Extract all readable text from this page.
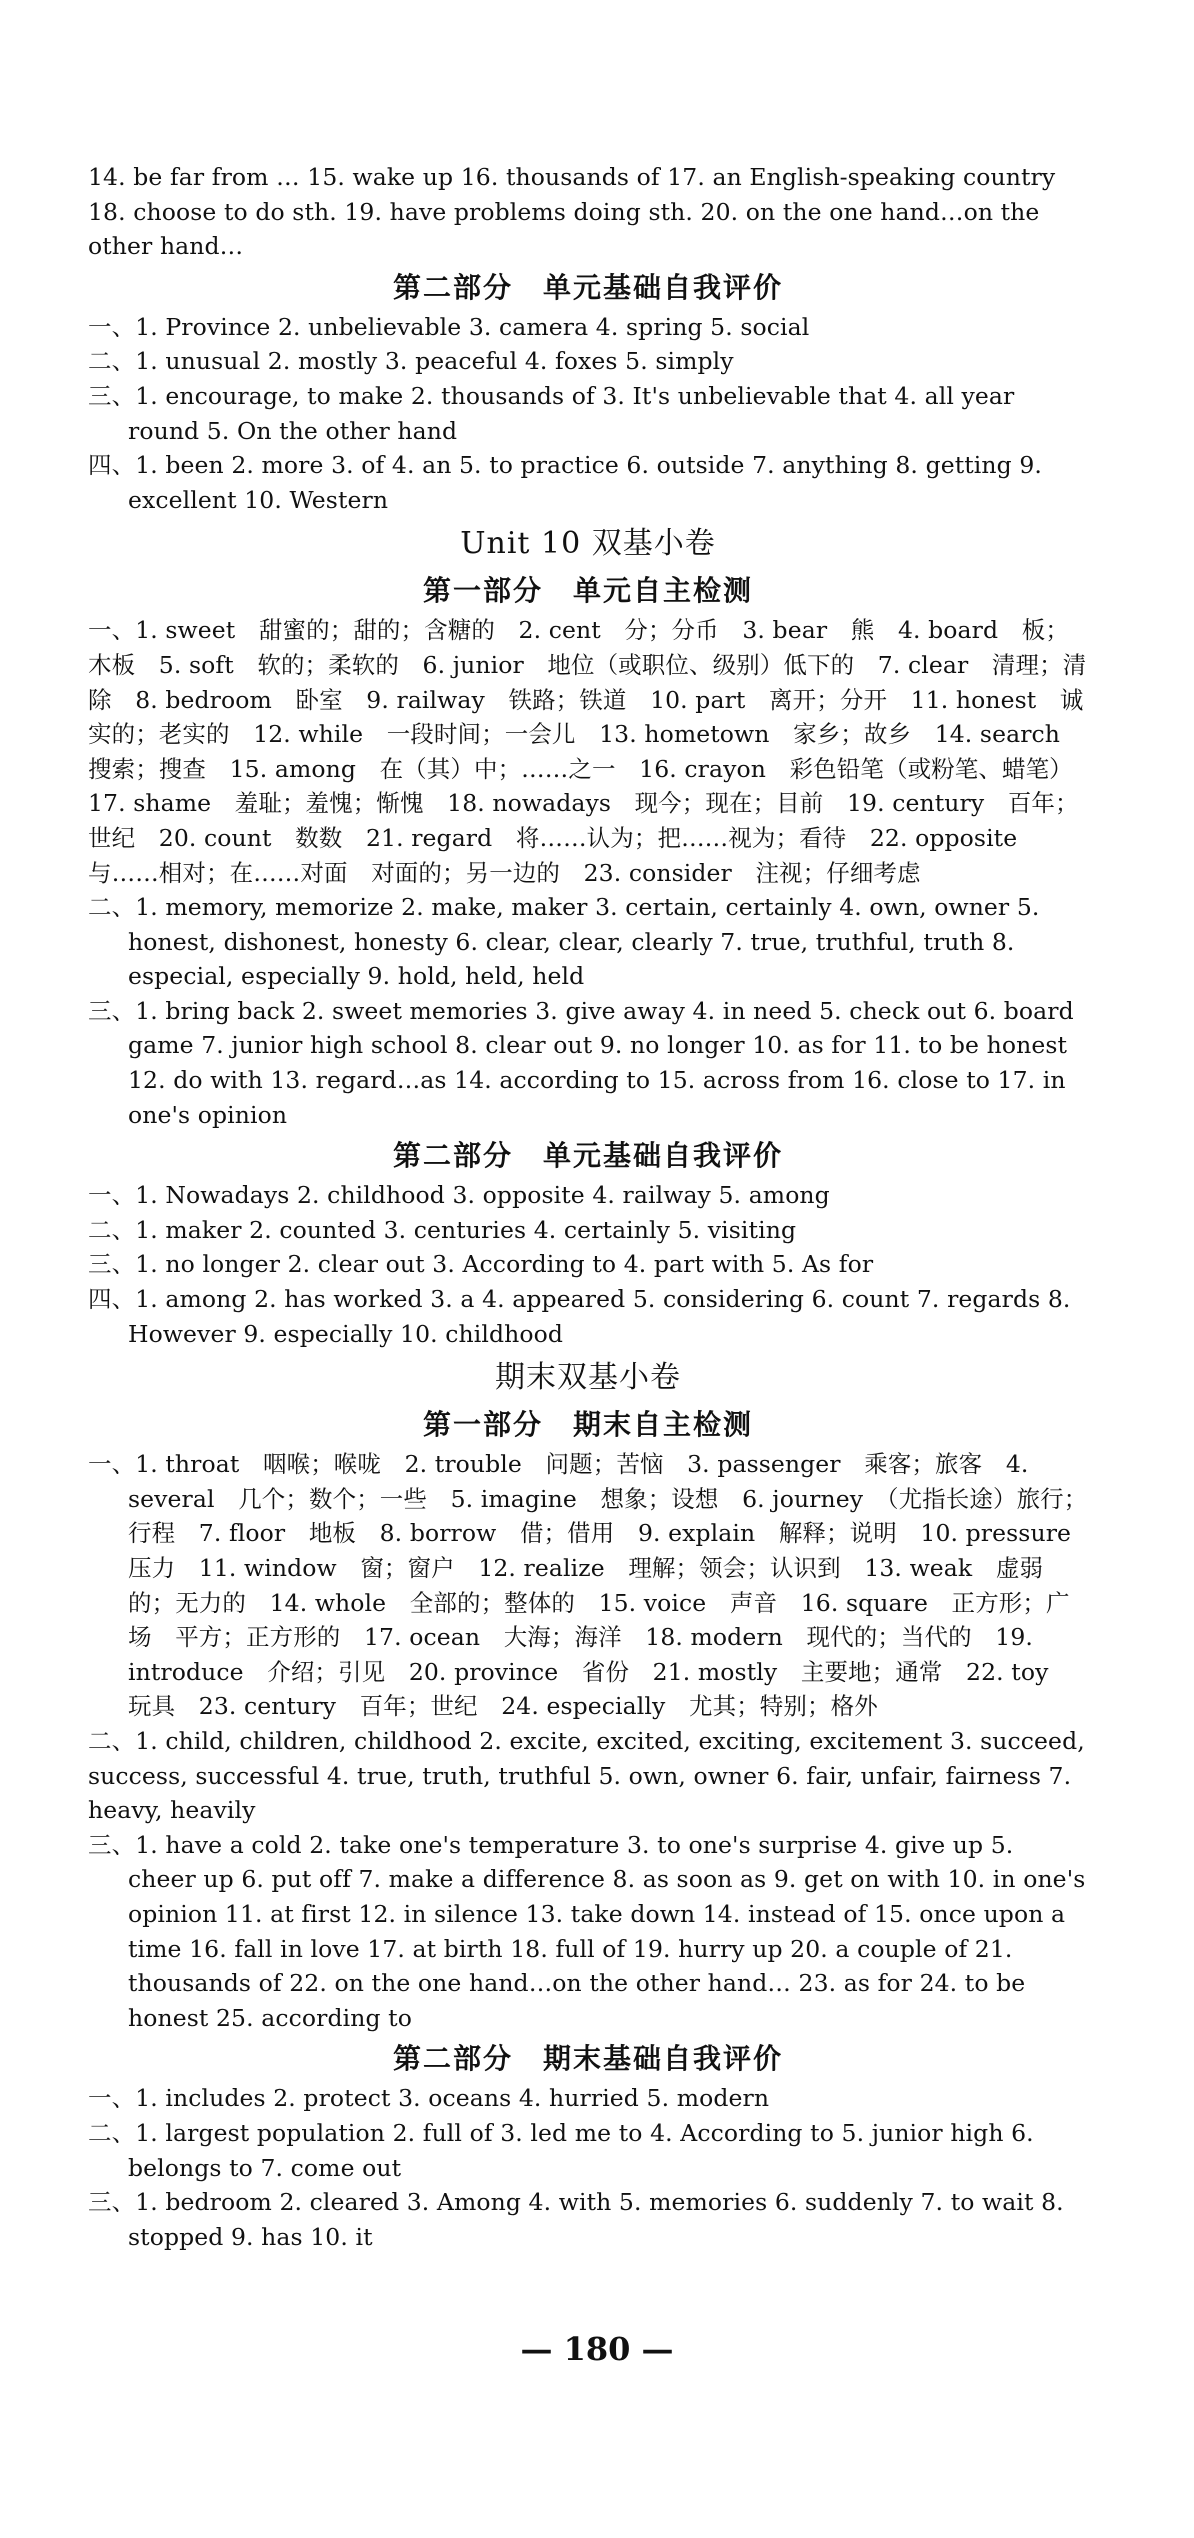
14. be far from … 15. wake up 16. thousands of 17. an English-speaking country 18. choose to do sth. 19. have problems doing sth. 20. on the one hand…on the other hand…
第二部分　单元基础自我评价
一、1. Province 2. unbelievable 3. camera 4. spring 5. social
二、1. unusual 2. mostly 3. peaceful 4. foxes 5. simply
三、1. encourage, to make 2. thousands of 3. It's unbelievable that 4. all year round 5. On the other hand
四、1. been 2. more 3. of 4. an 5. to practice 6. outside 7. anything 8. getting 9. excellent 10. Western
Unit 10 双基小卷
第一部分　单元自主检测
一、1. sweet　甜蜜的；甜的；含糖的　2. cent　分；分币　3. bear　熊　4. board　板；木板　5. soft　软的；柔软的　6. junior　地位（或职位、级别）低下的　7. clear　清理；清除　8. bedroom　卧室　9. railway　铁路；铁道　10. part　离开；分开　11. honest　诚实的；老实的　12. while　一段时间；一会儿　13. hometown　家乡；故乡　14. search　搜索；搜查　15. among　在（其）中；……之一　16. crayon　彩色铅笔（或粉笔、蜡笔）　17. shame　羞耻；羞愧；惭愧　18. nowadays　现今；现在；目前　19. century　百年；世纪　20. count　数数　21. regard　将……认为；把……视为；看待　22. opposite　与……相对；在……对面　对面的；另一边的　23. consider　注视；仔细考虑
二、1. memory, memorize 2. make, maker 3. certain, certainly 4. own, owner 5. honest, dishonest, honesty 6. clear, clear, clearly 7. true, truthful, truth 8. especial, especially 9. hold, held, held
三、1. bring back 2. sweet memories 3. give away 4. in need 5. check out 6. board game 7. junior high school 8. clear out 9. no longer 10. as for 11. to be honest 12. do with 13. regard…as 14. according to 15. across from 16. close to 17. in one's opinion
第二部分　单元基础自我评价
一、1. Nowadays 2. childhood 3. opposite 4. railway 5. among
二、1. maker 2. counted 3. centuries 4. certainly 5. visiting
三、1. no longer 2. clear out 3. According to 4. part with 5. As for
四、1. among 2. has worked 3. a 4. appeared 5. considering 6. count 7. regards 8. However 9. especially 10. childhood
期末双基小卷
第一部分　期末自主检测
一、1. throat　咽喉；喉咙　2. trouble　问题；苦恼　3. passenger　乘客；旅客　4. several　几个；数个；一些　5. imagine　想象；设想　6. journey　（尤指长途）旅行；行程　7. floor　地板　8. borrow　借；借用　9. explain　解释；说明　10. pressure　压力　11. window　窗；窗户　12. realize　理解；领会；认识到　13. weak　虚弱的；无力的　14. whole　全部的；整体的　15. voice　声音　16. square　正方形；广场　平方；正方形的　17. ocean　大海；海洋　18. modern　现代的；当代的　19. introduce　介绍；引见　20. province　省份　21. mostly　主要地；通常　22. toy　玩具　23. century　百年；世纪　24. especially　尤其；特别；格外
二、1. child, children, childhood 2. excite, excited, exciting, excitement 3. succeed, success, successful 4. true, truth, truthful 5. own, owner 6. fair, unfair, fairness 7. heavy, heavily
三、1. have a cold 2. take one's temperature 3. to one's surprise 4. give up 5. cheer up 6. put off 7. make a difference 8. as soon as 9. get on with 10. in one's opinion 11. at first 12. in silence 13. take down 14. instead of 15. once upon a time 16. fall in love 17. at birth 18. full of 19. hurry up 20. a couple of 21. thousands of 22. on the one hand…on the other hand… 23. as for 24. to be honest 25. according to
第二部分　期末基础自我评价
一、1. includes 2. protect 3. oceans 4. hurried 5. modern
二、1. largest population 2. full of 3. led me to 4. According to 5. junior high 6. belongs to 7. come out
三、1. bedroom 2. cleared 3. Among 4. with 5. memories 6. suddenly 7. to wait 8. stopped 9. has 10. it
— 180 —
